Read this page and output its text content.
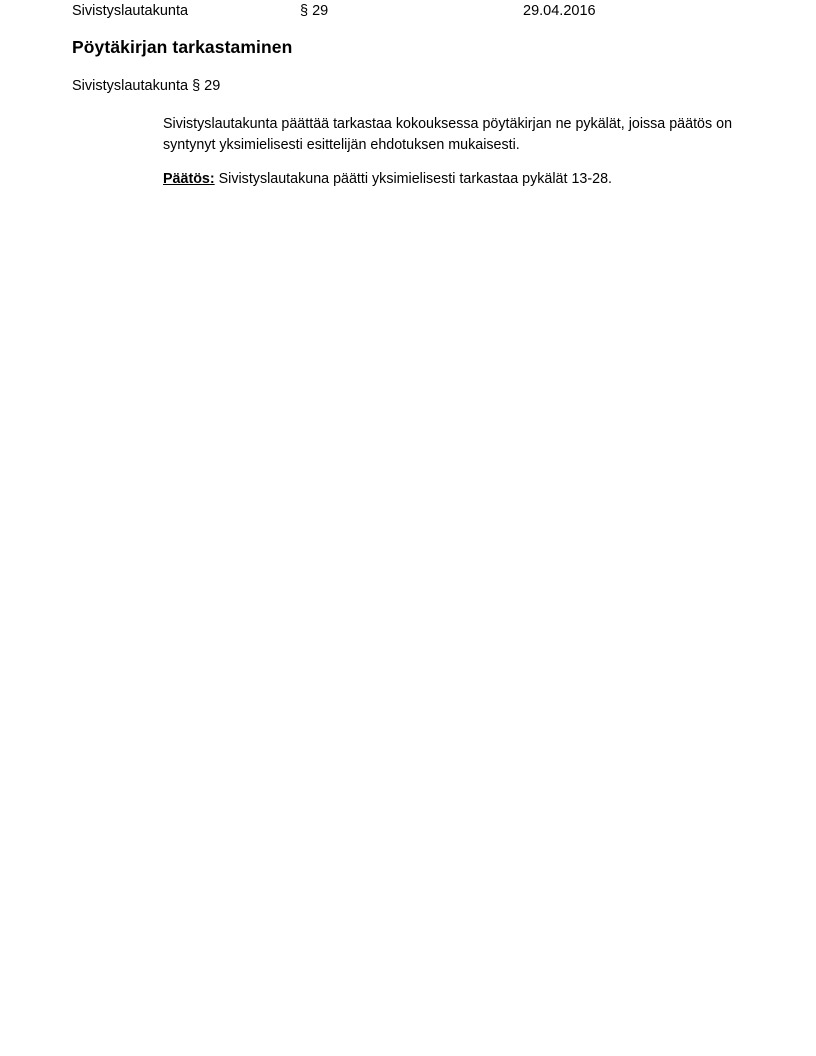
Sivistyslautakunta	§ 29	29.04.2016
Pöytäkirjan tarkastaminen
Sivistyslautakunta § 29
Sivistyslautakunta päättää tarkastaa kokouksessa pöytäkirjan ne pykälät, joissa päätös on syntynyt yksimielisesti esittelijän ehdotuksen mukaisesti.
Päätös: Sivistyslautakuna päätti yksimielisesti tarkastaa pykälät 13-28.
